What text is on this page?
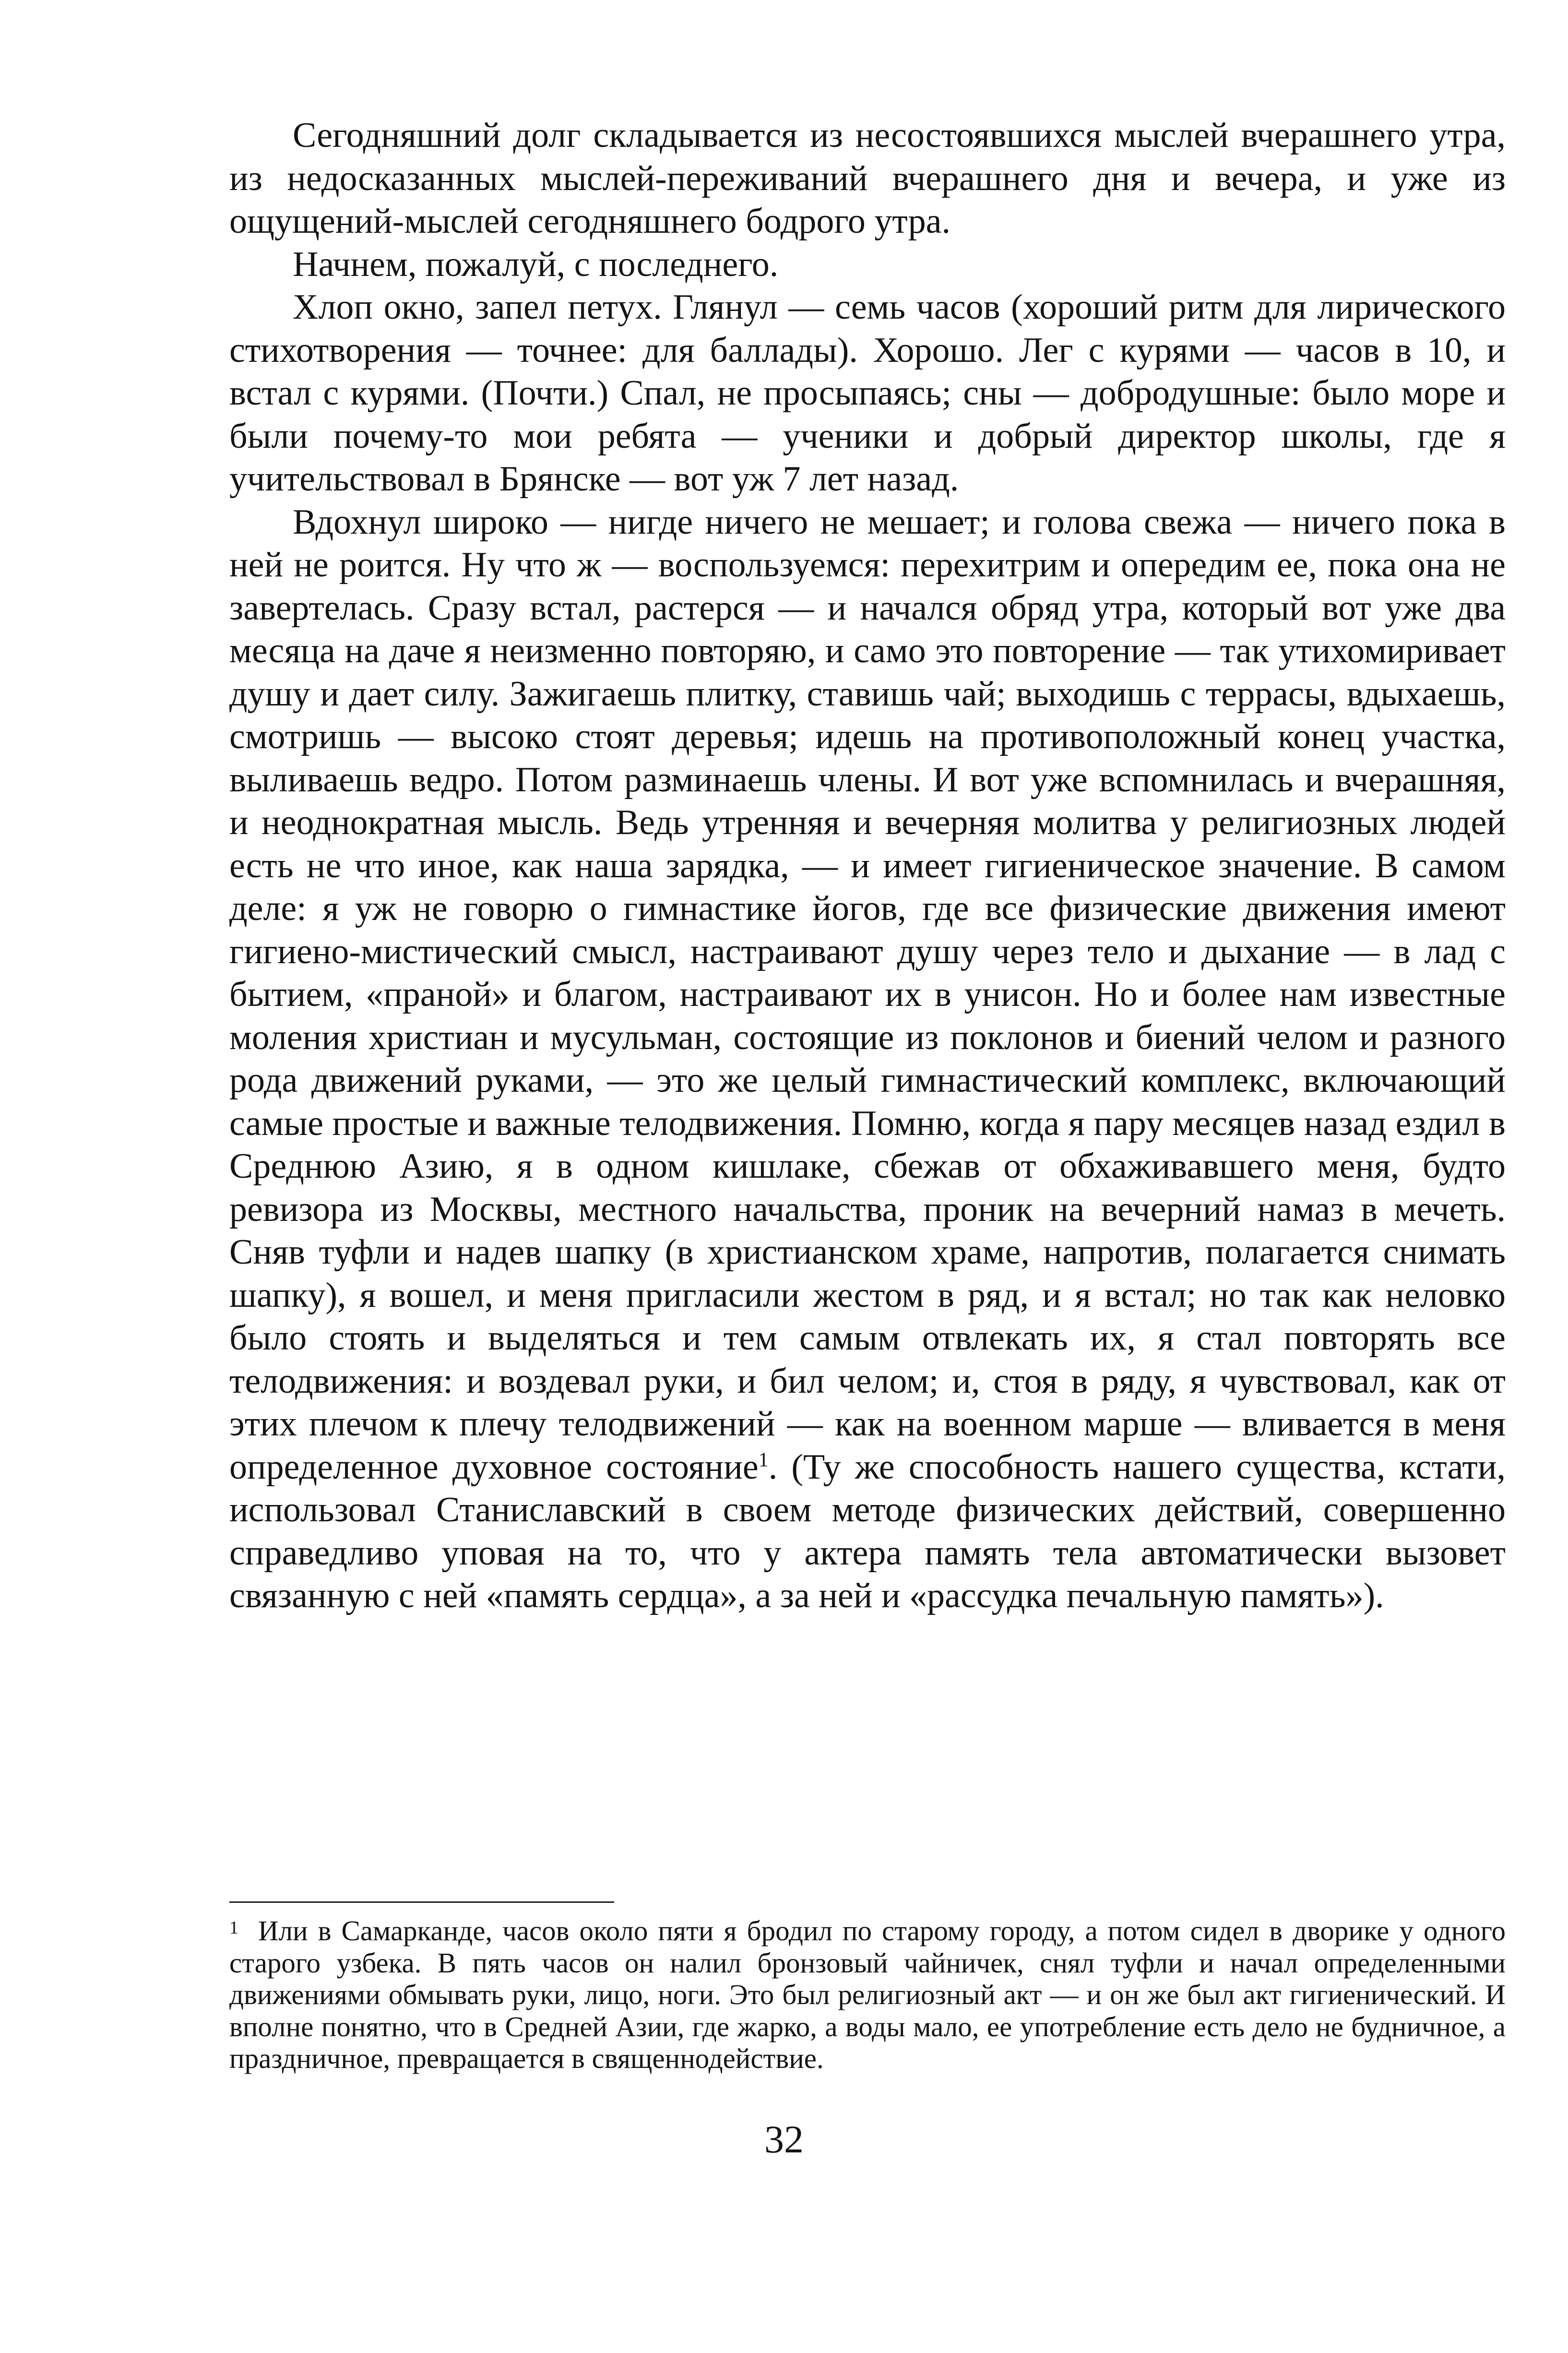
Сегодняшний долг складывается из несостоявшихся мыслей вчерашнего утра, из недосказанных мыслей-переживаний вчерашнего дня и вечера, и уже из ощущений-мыслей сегодняшнего бодрого утра.

Начнем, пожалуй, с последнего.

Хлоп окно, запел петух. Глянул — семь часов (хороший ритм для лирического стихотворения — точнее: для баллады). Хорошо. Лег с курями — часов в 10, и встал с курями. (Почти.) Спал, не просыпаясь; сны — добродушные: было море и были почему-то мои ребята — ученики и добрый директор школы, где я учительствовал в Брянске — вот уж 7 лет назад.

Вдохнул широко — нигде ничего не мешает; и голова свежа — ничего пока в ней не роится. Ну что ж — воспользуемся: перехитрим и опередим ее, пока она не завертелась. Сразу встал, растерся — и начался обряд утра, который вот уже два месяца на даче я неизменно повторяю, и само это повторение — так утихомиривает душу и дает силу. Зажигаешь плитку, ставишь чай; выходишь с террасы, вдыхаешь, смотришь — высоко стоят деревья; идешь на противоположный конец участка, выливаешь ведро. Потом разминаешь члены. И вот уже вспомнилась и вчерашняя, и неоднократная мысль. Ведь утренняя и вечерняя молитва у религиозных людей есть не что иное, как наша зарядка, — и имеет гигиеническое значение. В самом деле: я уж не говорю о гимнастике йогов, где все физические движения имеют гигиено-мистический смысл, настраивают душу через тело и дыхание — в лад с бытием, «праной» и благом, настраивают их в унисон. Но и более нам известные моления христиан и мусульман, состоящие из поклонов и биений челом и разного рода движений руками, — это же целый гимнастический комплекс, включающий самые простые и важные телодвижения. Помню, когда я пару месяцев назад ездил в Среднюю Азию, я в одном кишлаке, сбежав от обхаживавшего меня, будто ревизора из Москвы, местного начальства, проник на вечерний намаз в мечеть. Сняв туфли и надев шапку (в христианском храме, напротив, полагается снимать шапку), я вошел, и меня пригласили жестом в ряд, и я встал; но так как неловко было стоять и выделяться и тем самым отвлекать их, я стал повторять все телодвижения: и воздевал руки, и бил челом; и, стоя в ряду, я чувствовал, как от этих плечом к плечу телодвижений — как на военном марше — вливается в меня определенное духовное состояние$^1$. (Ту же способность нашего существа, кстати, использовал Станиславский в своем методе физических действий, совершенно справедливо уповая на то, что у актера память тела автоматически вызовет связанную с ней «память сердца», а за ней и «рассудка печальную память»).

1 Или в Самарканде, часов около пяти я бродил по старому городу, а потом сидел в дворике у одного старого узбека. В пять часов он налил бронзовый чайничек, снял туфли и начал определенными движениями обмывать руки, лицо, ноги. Это был религиозный акт — и он же был акт гигиенический. И вполне понятно, что в Средней Азии, где жарко, а воды мало, ее употребление есть дело не будничное, а праздничное, превращается в священнодействие.

32
